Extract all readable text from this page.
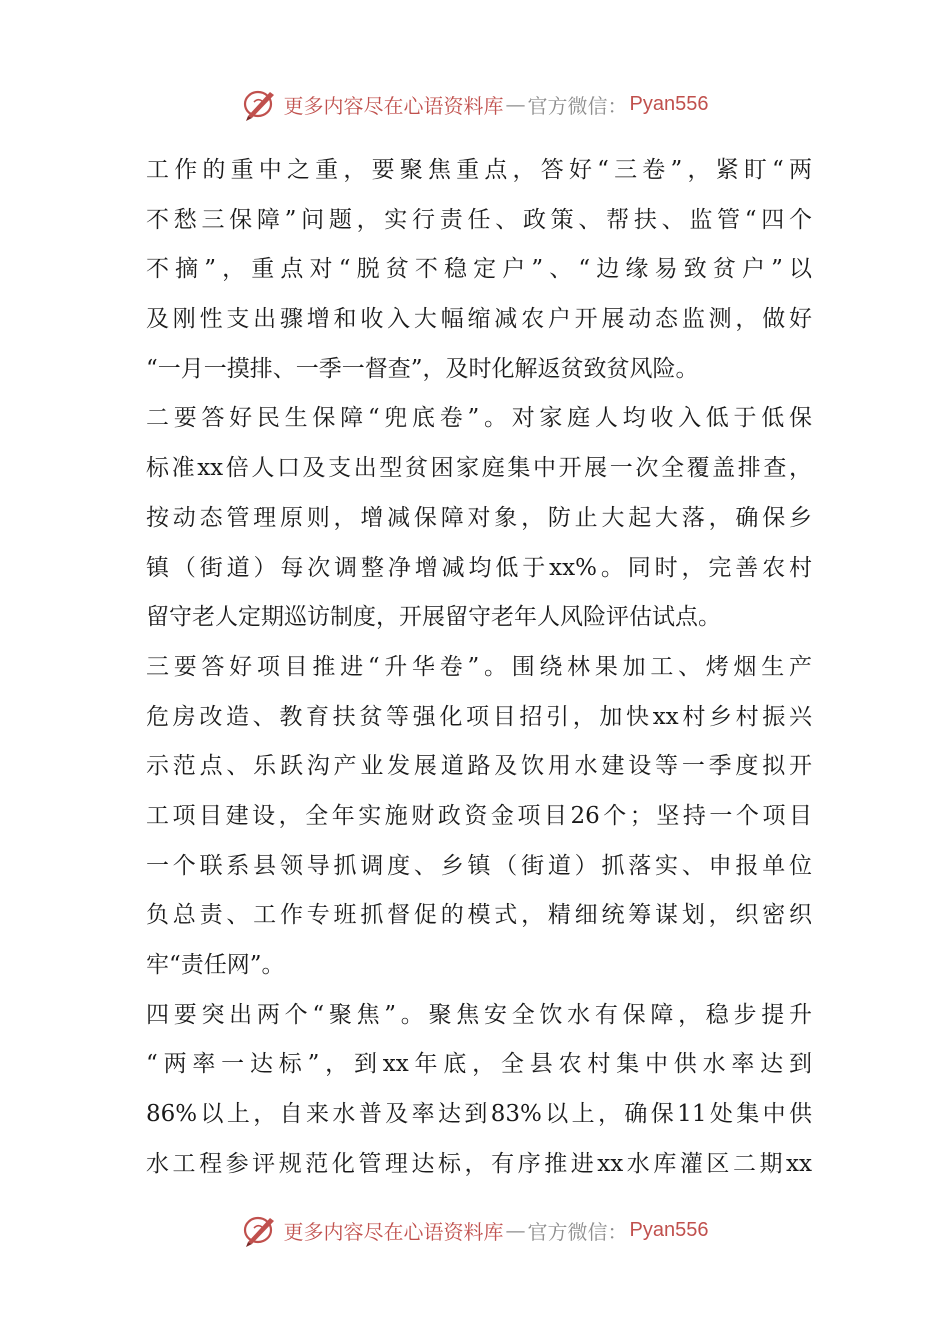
更多内容尽在心语资料库 — 官方微信： Pyan556
工作的重中之重，要聚焦重点，答好“三卷”，紧盯“两
不愁三保障”问题，实行责任、政策、帮扶、监管“四个
不摘”，重点对“脱贫不稳定户”、“边缘易致贫户”以
及刚性支出骤增和收入大幅缩减农户开展动态监测，做好
“一月一摸排、一季一督查”，及时化解返贫致贫风险。
二要答好民生保障“兜底卷”。对家庭人均收入低于低保
标准xx倍人口及支出型贫困家庭集中开展一次全覆盖排查，
按动态管理原则，增减保障对象，防止大起大落，确保乡
镇（街道）每次调整净增减均低于xx%。同时，完善农村
留守老人定期巡访制度，开展留守老年人风险评估试点。
三要答好项目推进“升华卷”。围绕林果加工、烤烟生产
危房改造、教育扶贫等强化项目招引，加快xx村乡村振兴
示范点、乐跃沟产业发展道路及饮用水建设等一季度拟开
工项目建设，全年实施财政资金项目26个；坚持一个项目
一个联系县领导抓调度、乡镇（街道）抓落实、申报单位
负总责、工作专班抓督促的模式，精细统筹谋划，织密织
牢“责任网”。
四要突出两个“聚焦”。聚焦安全饮水有保障，稳步提升
“两率一达标”，到xx年底，全县农村集中供水率达到
86%以上，自来水普及率达到83%以上，确保11处集中供
水工程参评规范化管理达标，有序推进xx水库灌区二期xx
更多内容尽在心语资料库 — 官方微信： Pyan556
